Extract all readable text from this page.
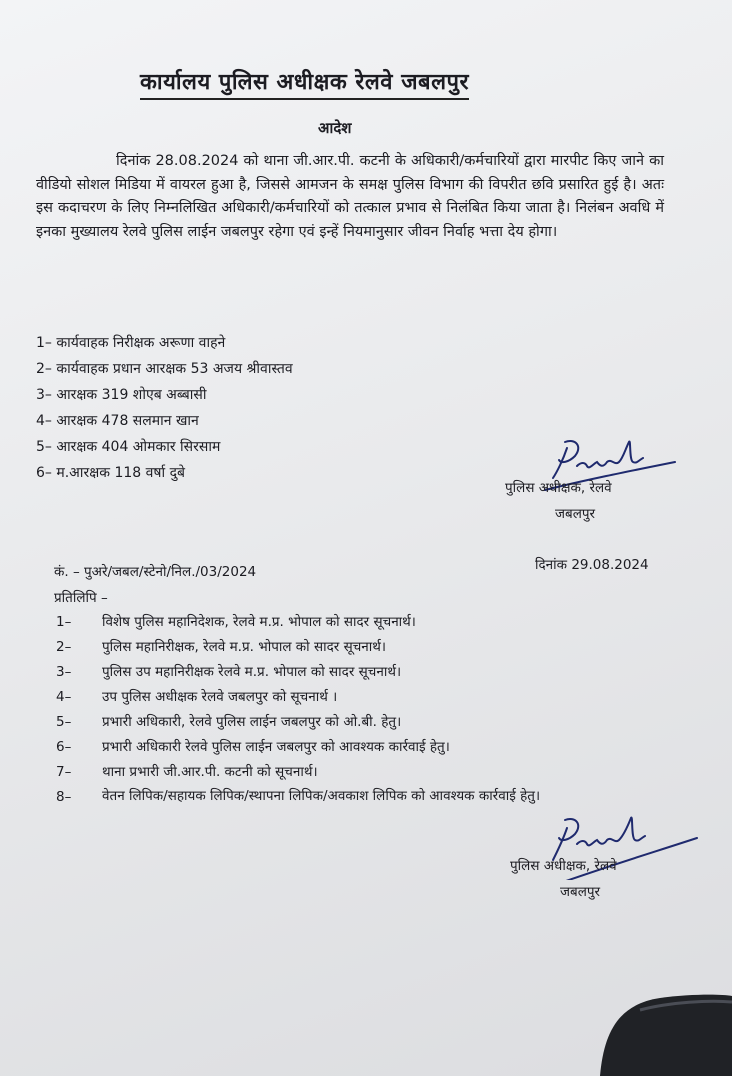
कार्यालय पुलिस अधीक्षक रेलवे जबलपुर
आदेश
दिनांक 28.08.2024 को थाना जी.आर.पी. कटनी के अधिकारी/कर्मचारियों द्वारा मारपीट किए जाने का वीडियो सोशल मिडिया में वायरल हुआ है, जिससे आमजन के समक्ष पुलिस विभाग की विपरीत छवि प्रसारित हुई है। अतः इस कदाचरण के लिए निम्नलिखित अधिकारी/कर्मचारियों को तत्काल प्रभाव से निलंबित किया जाता है। निलंबन अवधि में इनका मुख्यालय रेलवे पुलिस लाईन जबलपुर रहेगा एवं इन्हें नियमानुसार जीवन निर्वाह भत्ता देय होगा।
1– कार्यवाहक निरीक्षक अरूणा वाहने
2– कार्यवाहक प्रधान आरक्षक 53 अजय श्रीवास्तव
3– आरक्षक 319 शोएब अब्बासी
4– आरक्षक 478 सलमान खान
5– आरक्षक 404 ओमकार सिरसाम
6– म.आरक्षक 118 वर्षा दुबे
पुलिस अधीक्षक, रेलवे
जबलपुर
कं. – पुअरे/जबल/स्टेनो/निल./03/2024	दिनांक 29.08.2024
प्रतिलिपि –
1–	विशेष पुलिस महानिदेशक, रेलवे म.प्र. भोपाल को सादर सूचनार्थ।
2–	पुलिस महानिरीक्षक, रेलवे म.प्र. भोपाल को सादर सूचनार्थ।
3–	पुलिस उप महानिरीक्षक रेलवे म.प्र. भोपाल को सादर सूचनार्थ।
4–	उप पुलिस अधीक्षक रेलवे जबलपुर को सूचनार्थ ।
5–	प्रभारी अधिकारी, रेलवे पुलिस लाईन जबलपुर को ओ.बी. हेतु।
6–	प्रभारी अधिकारी रेलवे पुलिस लाईन जबलपुर को आवश्यक कार्रवाई हेतु।
7–	थाना प्रभारी जी.आर.पी. कटनी को सूचनार्थ।
8–	वेतन लिपिक/सहायक लिपिक/स्थापना लिपिक/अवकाश लिपिक को आवश्यक कार्रवाई हेतु।
पुलिस अधीक्षक, रेलवे
जबलपुर
